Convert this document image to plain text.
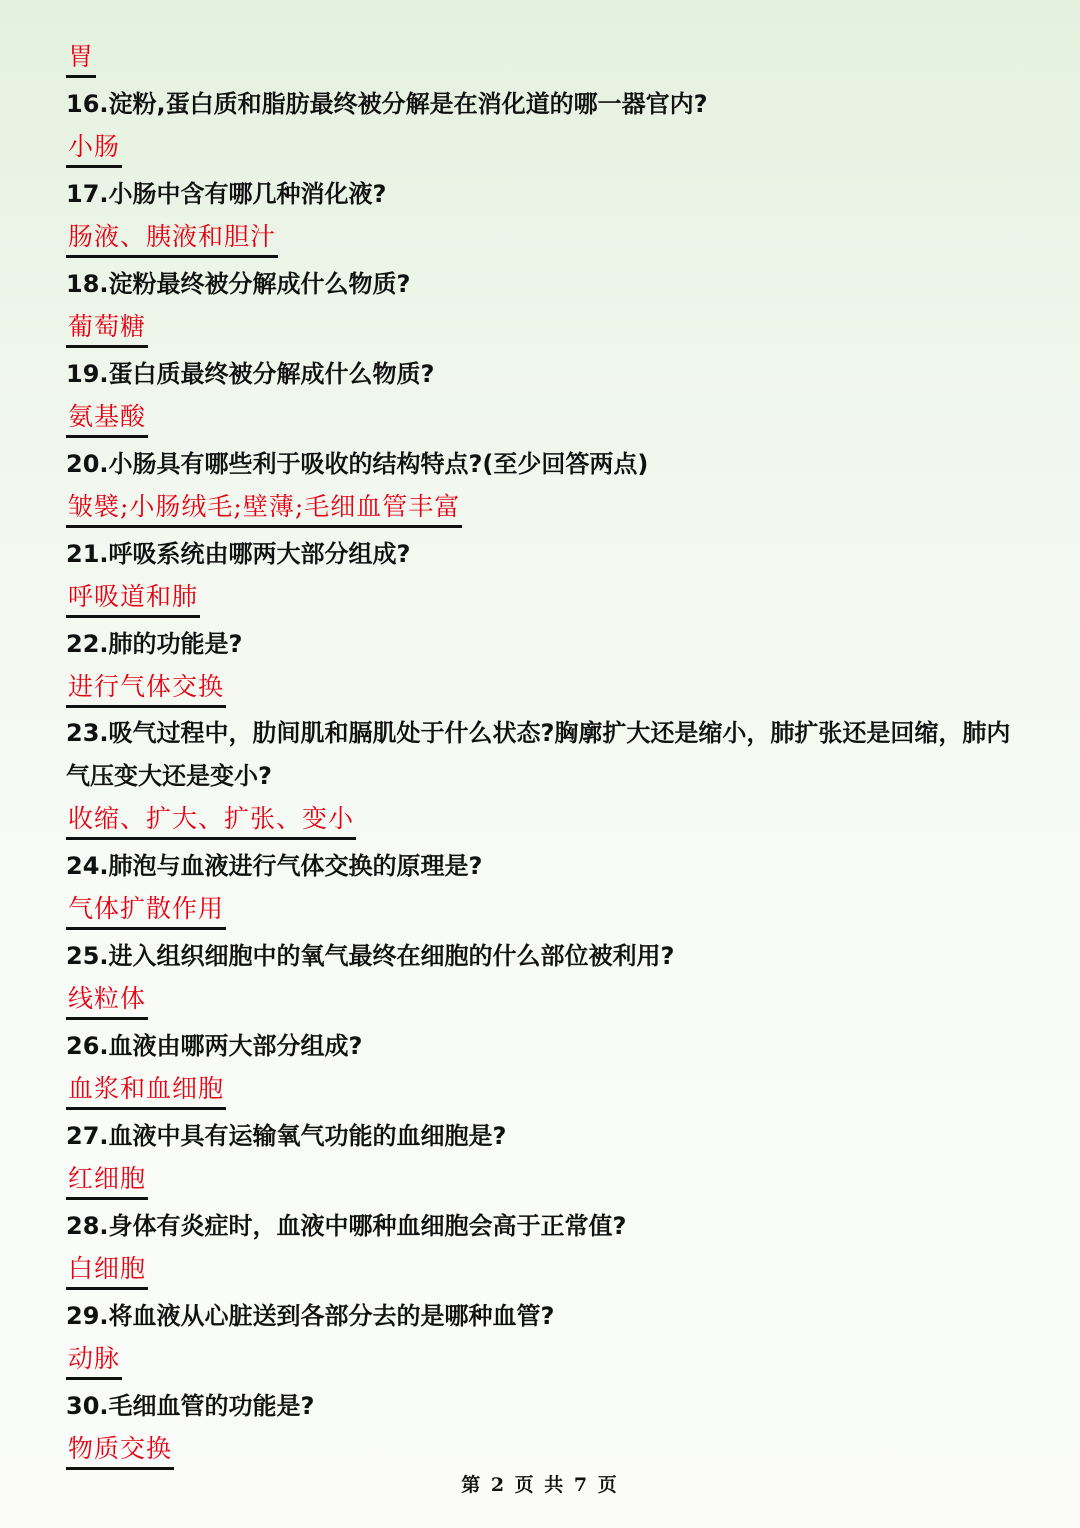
胃
16.淀粉,蛋白质和脂肪最终被分解是在消化道的哪一器官内?
小肠
17.小肠中含有哪几种消化液?
肠液、胰液和胆汁
18.淀粉最终被分解成什么物质?
葡萄糖
19.蛋白质最终被分解成什么物质?
氨基酸
20.小肠具有哪些利于吸收的结构特点?(至少回答两点)
皱襞;小肠绒毛;壁薄;毛细血管丰富
21.呼吸系统由哪两大部分组成?
呼吸道和肺
22.肺的功能是?
进行气体交换
23.吸气过程中，肋间肌和膈肌处于什么状态?胸廓扩大还是缩小，肺扩张还是回缩，肺内气压变大还是变小?
收缩、扩大、扩张、变小
24.肺泡与血液进行气体交换的原理是?
气体扩散作用
25.进入组织细胞中的氧气最终在细胞的什么部位被利用?
线粒体
26.血液由哪两大部分组成?
血浆和血细胞
27.血液中具有运输氧气功能的血细胞是?
红细胞
28.身体有炎症时，血液中哪种血细胞会高于正常值?
白细胞
29.将血液从心脏送到各部分去的是哪种血管?
动脉
30.毛细血管的功能是?
物质交换
第 2 页 共 7 页
